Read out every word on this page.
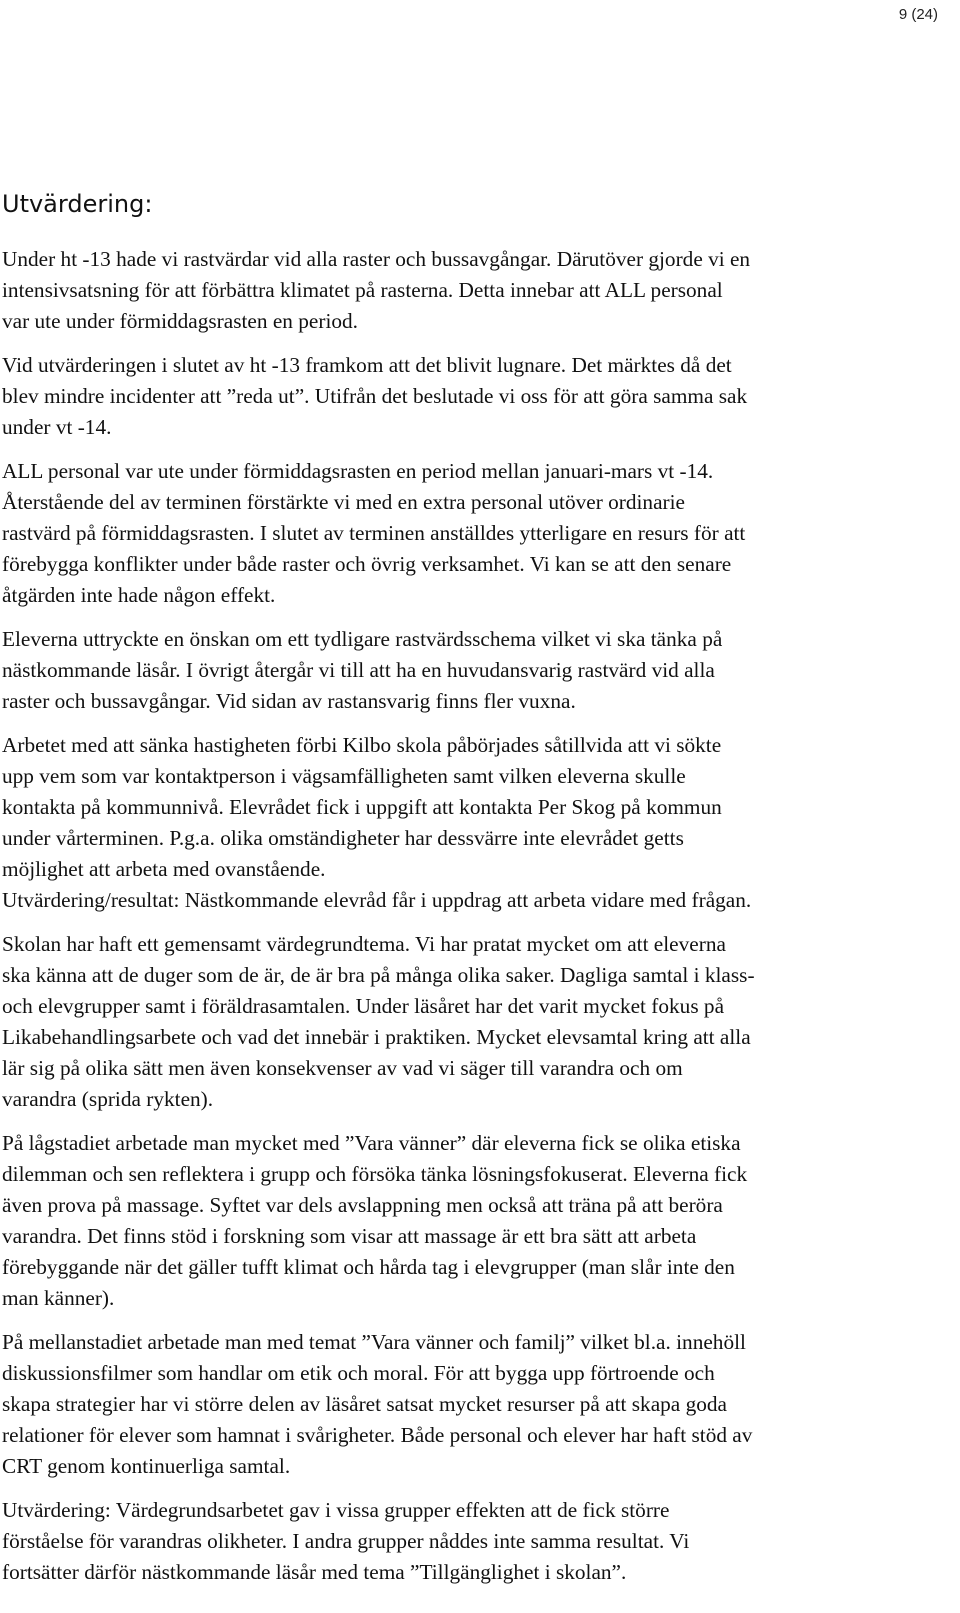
9 (24)
Utvärdering:

Under ht -13 hade vi rastvärdar vid alla raster och bussavgångar. Därutöver gjorde vi en
intensivsatsning för att förbättra klimatet på rasterna. Detta innebar att ALL personal
var ute under förmiddagsrasten en period.

Vid utvärderingen i slutet av ht -13 framkom att det blivit lugnare. Det märktes då det
blev mindre incidenter att ”reda ut”. Utifrån det beslutade vi oss för att göra samma sak
under vt -14.

ALL personal var ute under förmiddagsrasten en period mellan januari-mars vt -14.
Återstående del av terminen förstärkte vi med en extra personal utöver ordinarie
rastvärd på förmiddagsrasten. I slutet av terminen anställdes ytterligare en resurs för att
förebygga konflikter under både raster och övrig verksamhet. Vi kan se att den senare
åtgärden inte hade någon effekt.

Eleverna uttryckte en önskan om ett tydligare rastvärdsschema vilket vi ska tänka på
nästkommande läsår. I övrigt återgår vi till att ha en huvudansvarig rastvärd vid alla
raster och bussavgångar. Vid sidan av rastansvarig finns fler vuxna.

Arbetet med att sänka hastigheten förbi Kilbo skola påbörjades såtillvida att vi sökte
upp vem som var kontaktperson i vägsamfälligheten samt vilken eleverna skulle
kontakta på kommunnivå. Elevrådet fick i uppgift att kontakta Per Skog på kommun
under vårterminen. P.g.a. olika omständigheter har dessvärre inte elevrådet getts
möjlighet att arbeta med ovanstående.
Utvärdering/resultat: Nästkommande elevråd får i uppdrag att arbeta vidare med frågan.

Skolan har haft ett gemensamt värdegrundtema. Vi har pratat mycket om att eleverna
ska känna att de duger som de är, de är bra på många olika saker. Dagliga samtal i klass-
och elevgrupper samt i föräldrasamtalen. Under läsåret har det varit mycket fokus på
Likabehandlingsarbete och vad det innebär i praktiken. Mycket elevsamtal kring att alla
lär sig på olika sätt men även konsekvenser av vad vi säger till varandra och om
varandra (sprida rykten).

På lågstadiet arbetade man mycket med ”Vara vänner” där eleverna fick se olika etiska
dilemman och sen reflektera i grupp och försöka tänka lösningsfokuserat. Eleverna fick
även prova på massage. Syftet var dels avslappning men också att träna på att beröra
varandra. Det finns stöd i forskning som visar att massage är ett bra sätt att arbeta
förebyggande när det gäller tufft klimat och hårda tag i elevgrupper (man slår inte den
man känner).

På mellanstadiet arbetade man med temat ”Vara vänner och familj” vilket bl.a. innehöll
diskussionsfilmer som handlar om etik och moral. För att bygga upp förtroende och
skapa strategier har vi större delen av läsåret satsat mycket resurser på att skapa goda
relationer för elever som hamnat i svårigheter. Både personal och elever har haft stöd av
CRT genom kontinuerliga samtal.

Utvärdering: Värdegrundsarbetet gav i vissa grupper effekten att de fick större
förståelse för varandras olikheter. I andra grupper nåddes inte samma resultat. Vi
fortsätter därför nästkommande läsår med tema ”Tillgänglighet i skolan”.
